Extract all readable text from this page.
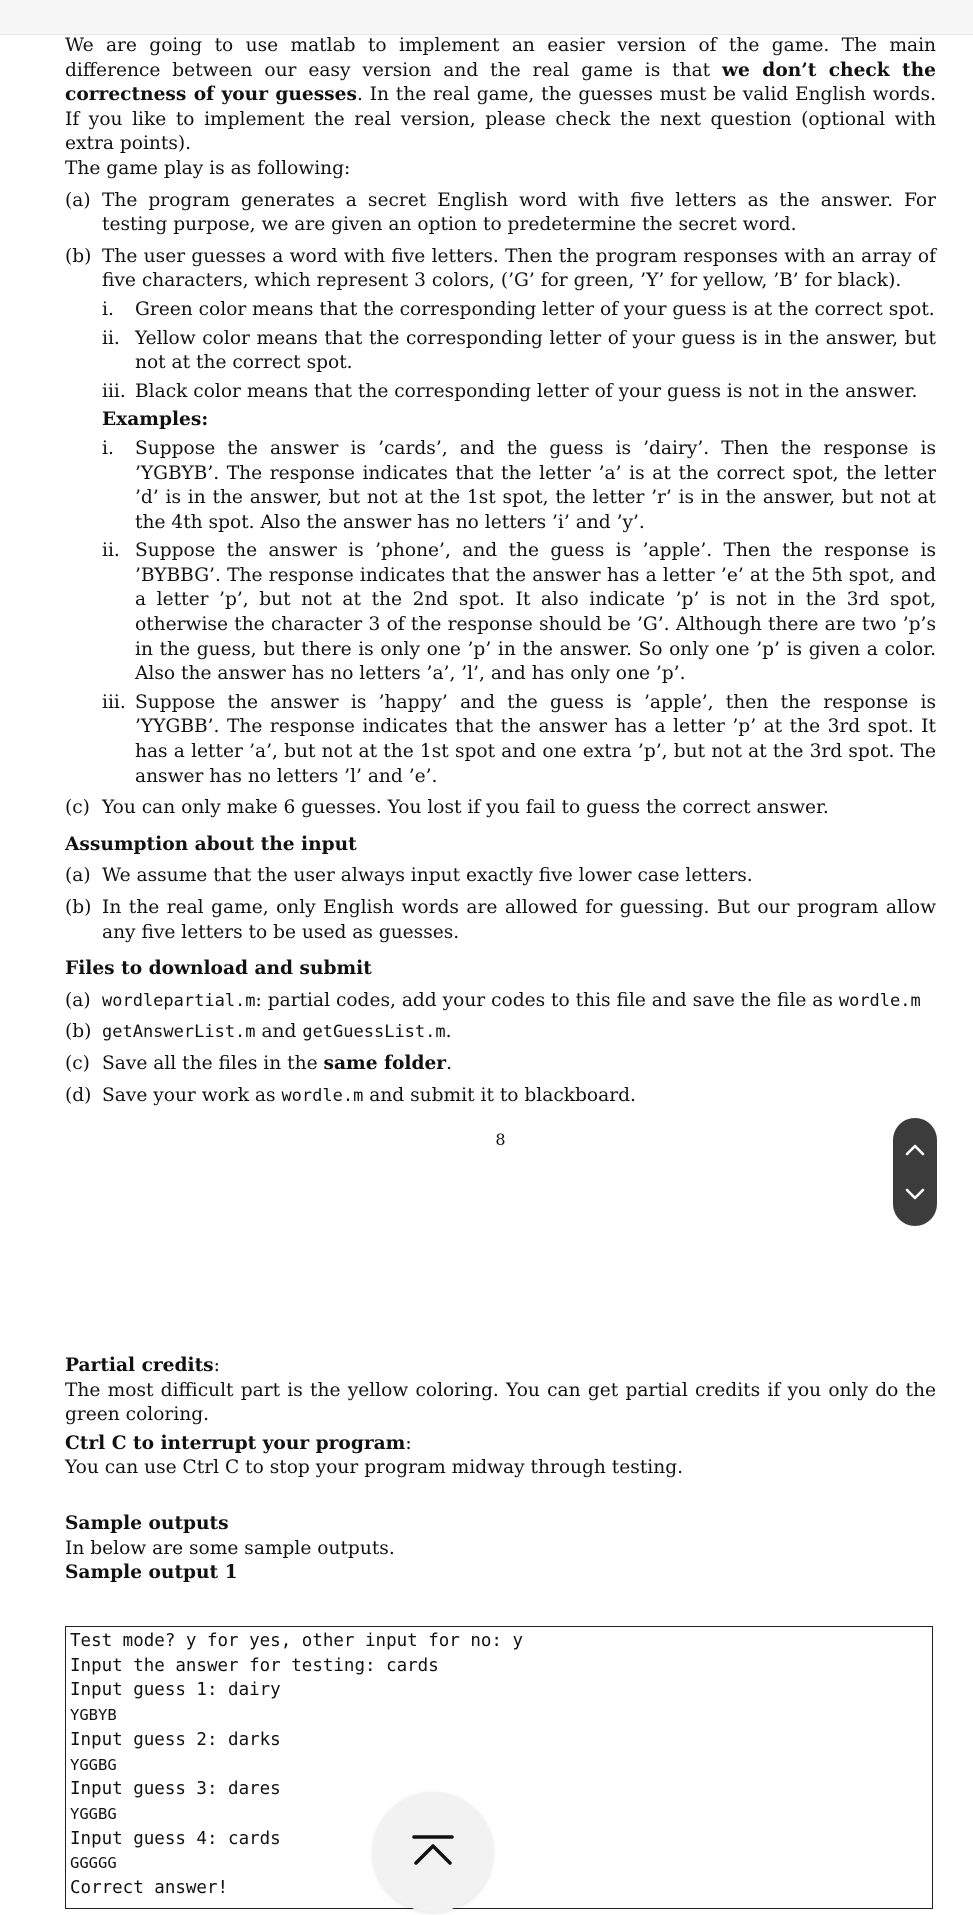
We are going to use matlab to implement an easier version of the game. The main difference between our easy version and the real game is that we don’t check the correctness of your guesses. In the real game, the guesses must be valid English words. If you like to implement the real version, please check the next question (optional with extra points).

The game play is as following:

(a) The program generates a secret English word with five letters as the answer. For testing purpose, we are given an option to predetermine the secret word.
(b) The user guesses a word with five letters. Then the program responses with an array of five characters, which represent 3 colors, (’G’ for green, ’Y’ for yellow, ’B’ for black).
i.	Green color means that the corresponding letter of your guess is at the correct spot.
ii. Yellow color means that the corresponding letter of your guess is in the answer, but not at the correct spot.
iii. Black color means that the corresponding letter of your guess is not in the answer.
Examples:
i.	Suppose the answer is ’cards’, and the guess is ’dairy’. Then the response is ’YGBYB’. The response indicates that the letter ’a’ is at the correct spot, the letter ’d’ is in the answer, but not at the 1st spot, the letter ’r’ is in the answer, but not at the 4th spot. Also the answer has no letters ’i’ and ’y’.
ii. Suppose the answer is ’phone’, and the guess is ’apple’. Then the response is ’BYBBG’. The response indicates that the answer has a letter ’e’ at the 5th spot, and a letter ’p’, but not at the 2nd spot. It also indicate ’p’ is not in the 3rd spot, otherwise the character 3 of the response should be ’G’. Although there are two ’p’s in the guess, but there is only one ’p’ in the answer. So only one ’p’ is given a color. Also the answer has no letters ’a’, ’l’, and has only one ’p’.
iii. Suppose the answer is ’happy’ and the guess is ’apple’, then the response is ’YYGBB’. The response indicates that the answer has a letter ’p’ at the 3rd spot. It has a letter ’a’, but not at the 1st spot and one extra ’p’, but not at the 3rd spot. The answer has no letters ’l’ and ’e’.
(c) You can only make 6 guesses. You lost if you fail to guess the correct answer.
Assumption about the input
(a) We assume that the user always input exactly five lower case letters.
(b) In the real game, only English words are allowed for guessing. But our program allow any five letters to be used as guesses.
Files to download and submit
(a) wordlepartial.m: partial codes, add your codes to this file and save the file as wordle.m
(b) getAnswerList.m and getGuessList.m.
(c) Save all the files in the same folder.
(d) Save your work as wordle.m and submit it to blackboard.
8

Partial credits:

The most difficult part is the yellow coloring. You can get partial credits if you only do the green coloring.

Ctrl C to interrupt your program:

You can use Ctrl C to stop your program midway through testing.

Sample outputs

In below are some sample outputs.

Sample output 1

Test mode? y for yes, other input for no: y
Input the answer for testing: cards
Input guess 1: dairy
YGBYB
Input guess 2: darks
YGGBG
Input guess 3: dares
YGGBG
Input guess 4: cards
GGGGG
Correct answer!
